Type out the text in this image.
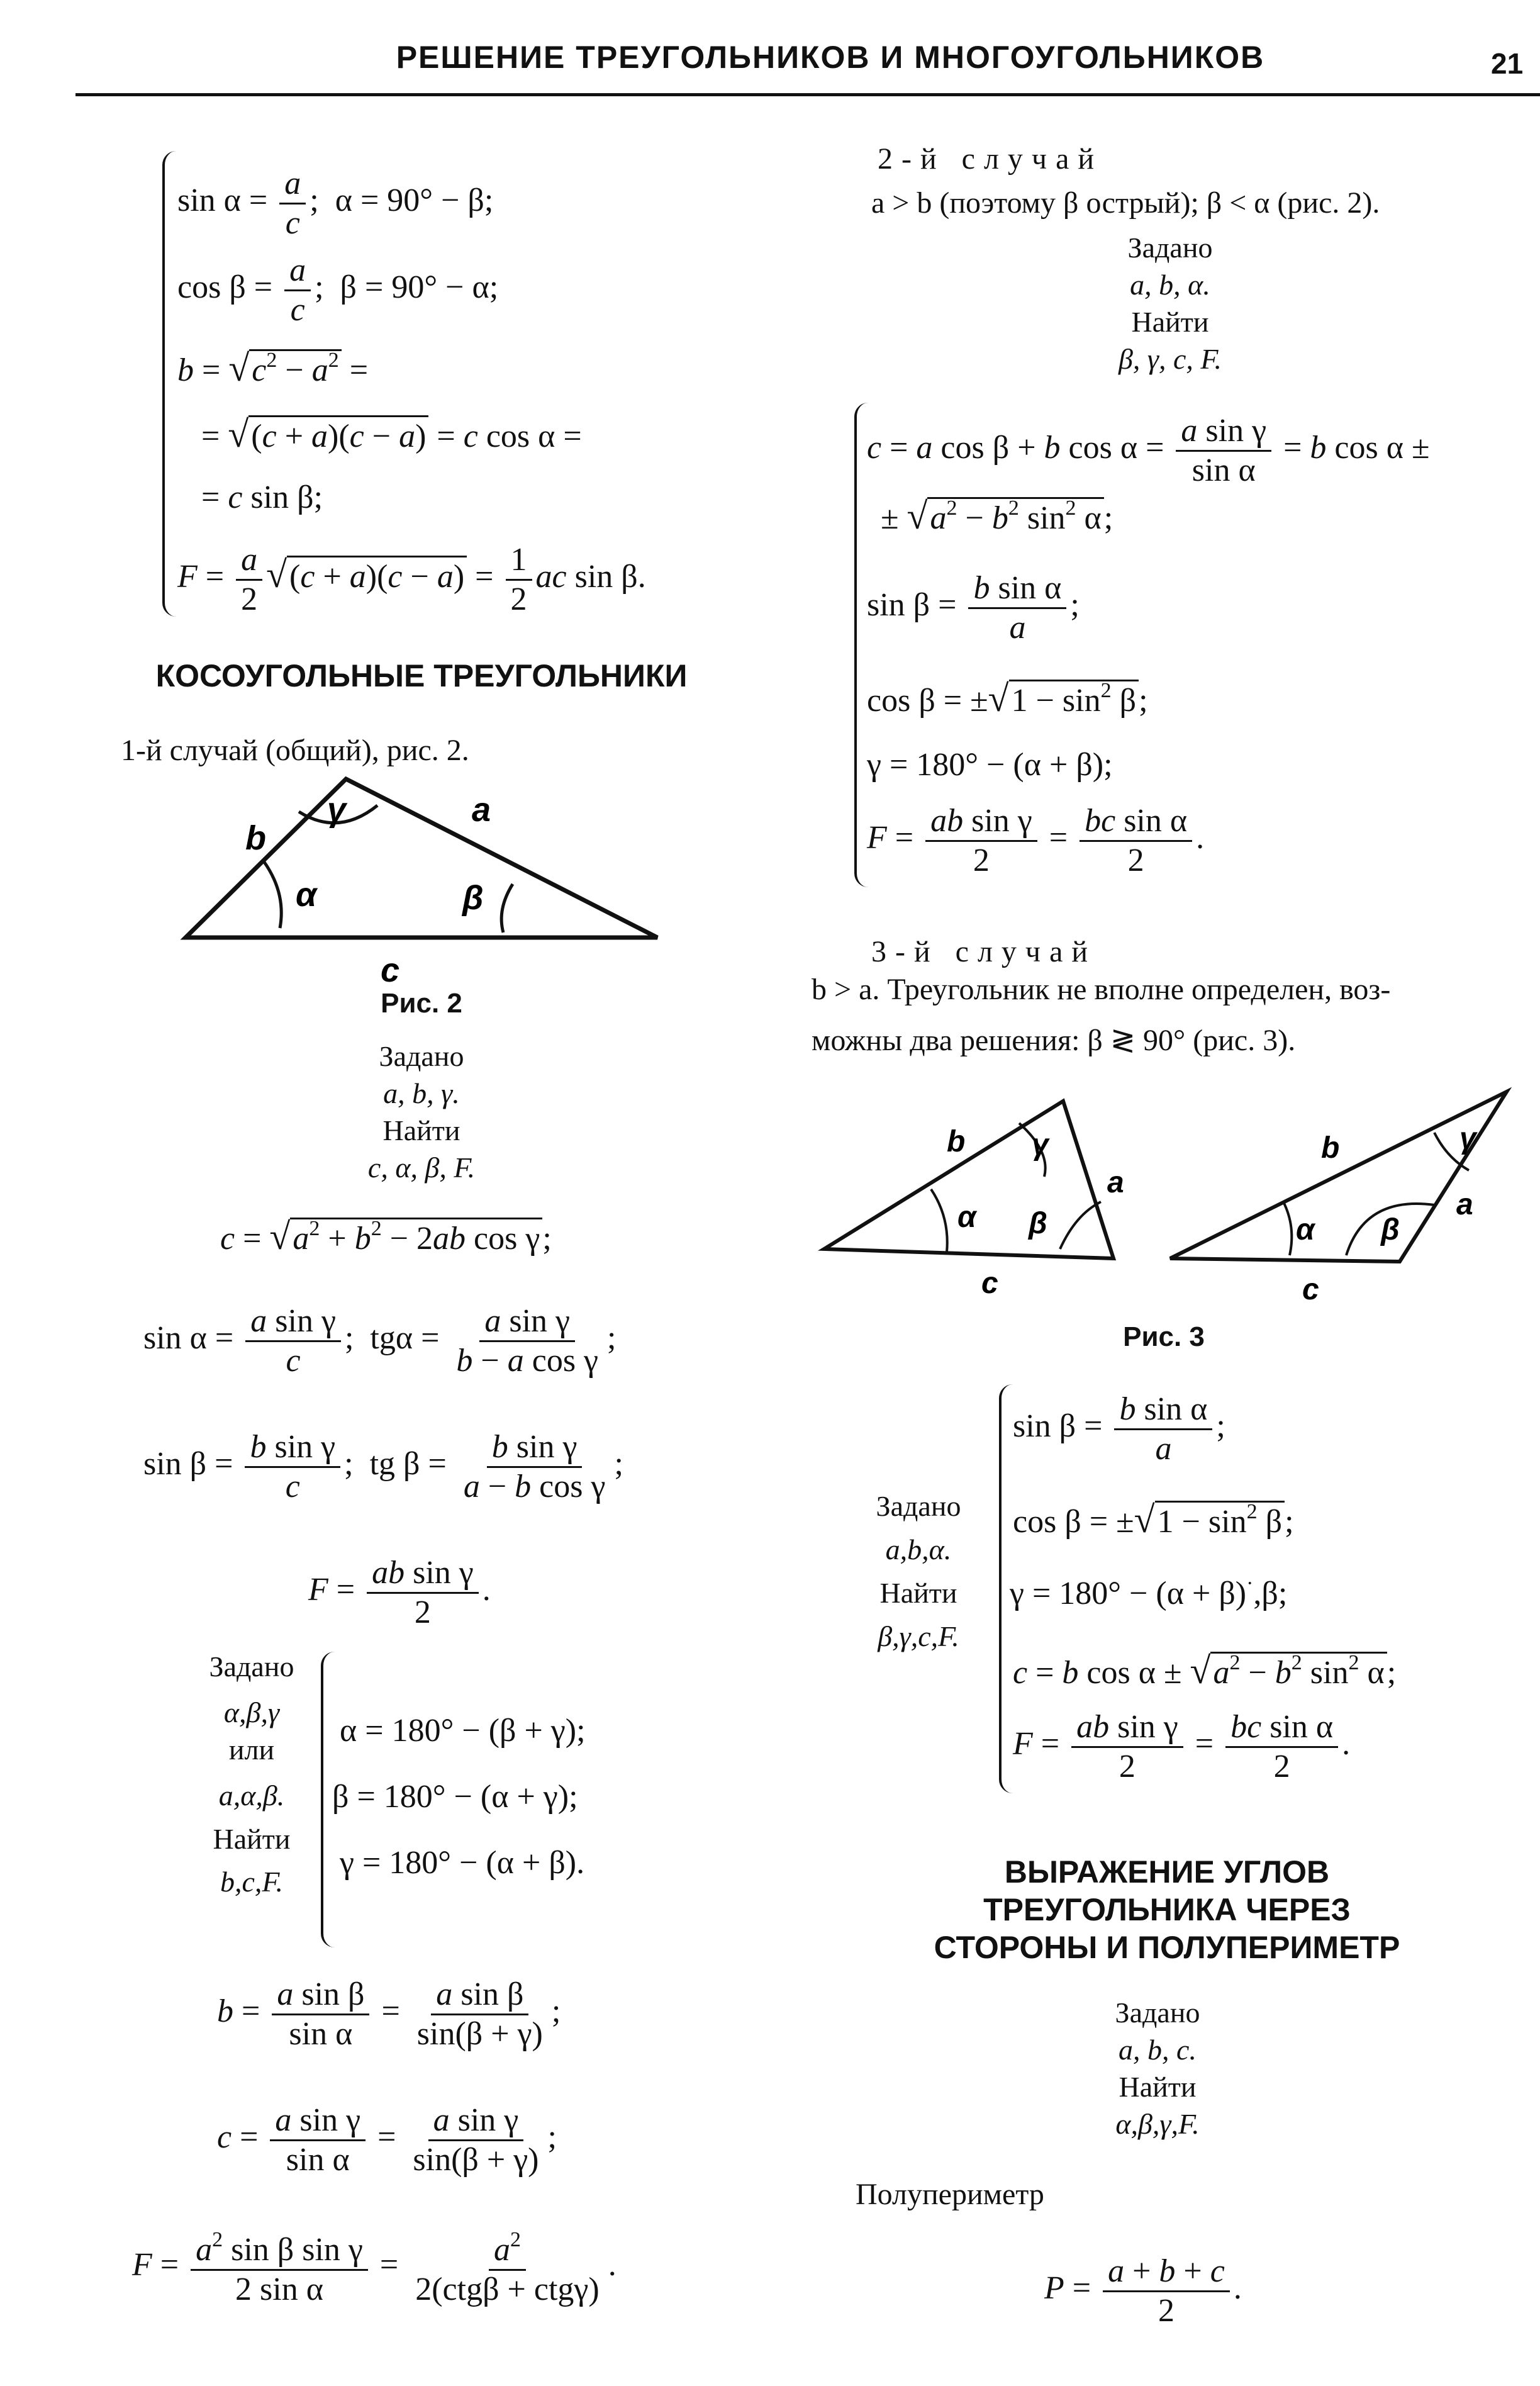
РЕШЕНИЕ ТРЕУГОЛЬНИКОВ И МНОГОУГОЛЬНИКОВ	21
$\sin \alpha = \frac{a}{c}$ ;  α = 90° − β;
$\cos \beta = \frac{a}{c}$ ;  β = 90° − α;
$b = √c^2 - a^2$ =
= √(c + a)(c − a) = c cos α =
= c sin β;
$F = \frac{a}{2} √(c + a)(c - a) = \frac{1}{2}$ ac sin β.
КОСОУГОЛЬНЫЕ ТРЕУГОЛЬНИКИ
1-й случай (общий), рис. 2.
γ	a
b
α	β
c
Рис. 2
Задано
a, b, γ.
Найти
c, α, β, F.
$c = √a^2 + b^2 - 2ab$ cos γ;
$\sin \alpha = \frac{\text{a sin γ}}{c}$ ;  $tg\alpha = \frac{\text{a sin γ}}{\text{b − a cos γ}}$ ;
$\sin \beta = \frac{\text{b sin γ}}{c}$ ;  tg $\beta = \frac{\text{b sin γ}}{\text{a − b cos γ}}$ ;
$F = \frac{\text{ab sin γ}}{2}$ .
Задано
α,β,γ
или
a,α,β.
Найти
b,c,F.
α = 180° − (β + γ);
β = 180° − (α + γ);
γ = 180° − (α + β).
$b = \frac{\text{a sin β}}{\text{sin α}} = \frac{\text{a sin β}}{\sin(\beta + \gamma)}$ ;
$c = \frac{\text{a sin γ}}{\text{sin α}} = \frac{\text{a sin γ}}{\sin(\beta + \gamma)}$ ;
$F = \frac{a^2 \sin \beta \sin \gamma}{\text{2 sin α}} = \frac{a^2}{\text{2(ctgβ + ctgγ)}}$ .
2-й случай
a > b (поэтому β острый); β < α (рис. 2).
Задано
a, b, α.
Найти
β, γ, c, F.
c = a cos β + b $\cos \alpha = \frac{\text{a sin γ}}{\text{sin α}} = b$ cos α ±
± $√a^2 - b^2$ $\sin^2 \alpha$;
$\sin \beta = \frac{\text{b sin α}}{a}$ ;
$\cos \beta = \pm√1 - \sin^2 \beta$;
γ = 180° − (α + β);
$F = \frac{\text{ab sin γ}}{2} = \frac{\text{bc sin α}}{2}$ .
3-й случай
b > a. Треугольник не вполне определен, воз-
можны два решения: β ≷ 90° (рис. 3).
b γ
a
α β
c
b	γ
a
α β
c
Рис. 3
Задано
a,b,α.
Найти
β,γ,c,F.
$\sin \beta = \frac{\text{b sin α}}{a}$ ;
$\cos \beta = \pm√1 - \sin^2 \beta$;
γ = 180° − (α + β)·,β;
c = b $\cos \alpha \pm √a^2 - b^2$ $\sin^2 \alpha$;
$F = \frac{\text{ab sin γ}}{2} = \frac{\text{bc sin α}}{2}$ .
ВЫРАЖЕНИЕ УГЛОВ
ТРЕУГОЛЬНИКА ЧЕРЕЗ
СТОРОНЫ И ПОЛУПЕРИМЕТР
Задано
a, b, c.
Найти
α,β,γ,F.
Полупериметр
$P = \frac{a + b + c}{2}$ .
